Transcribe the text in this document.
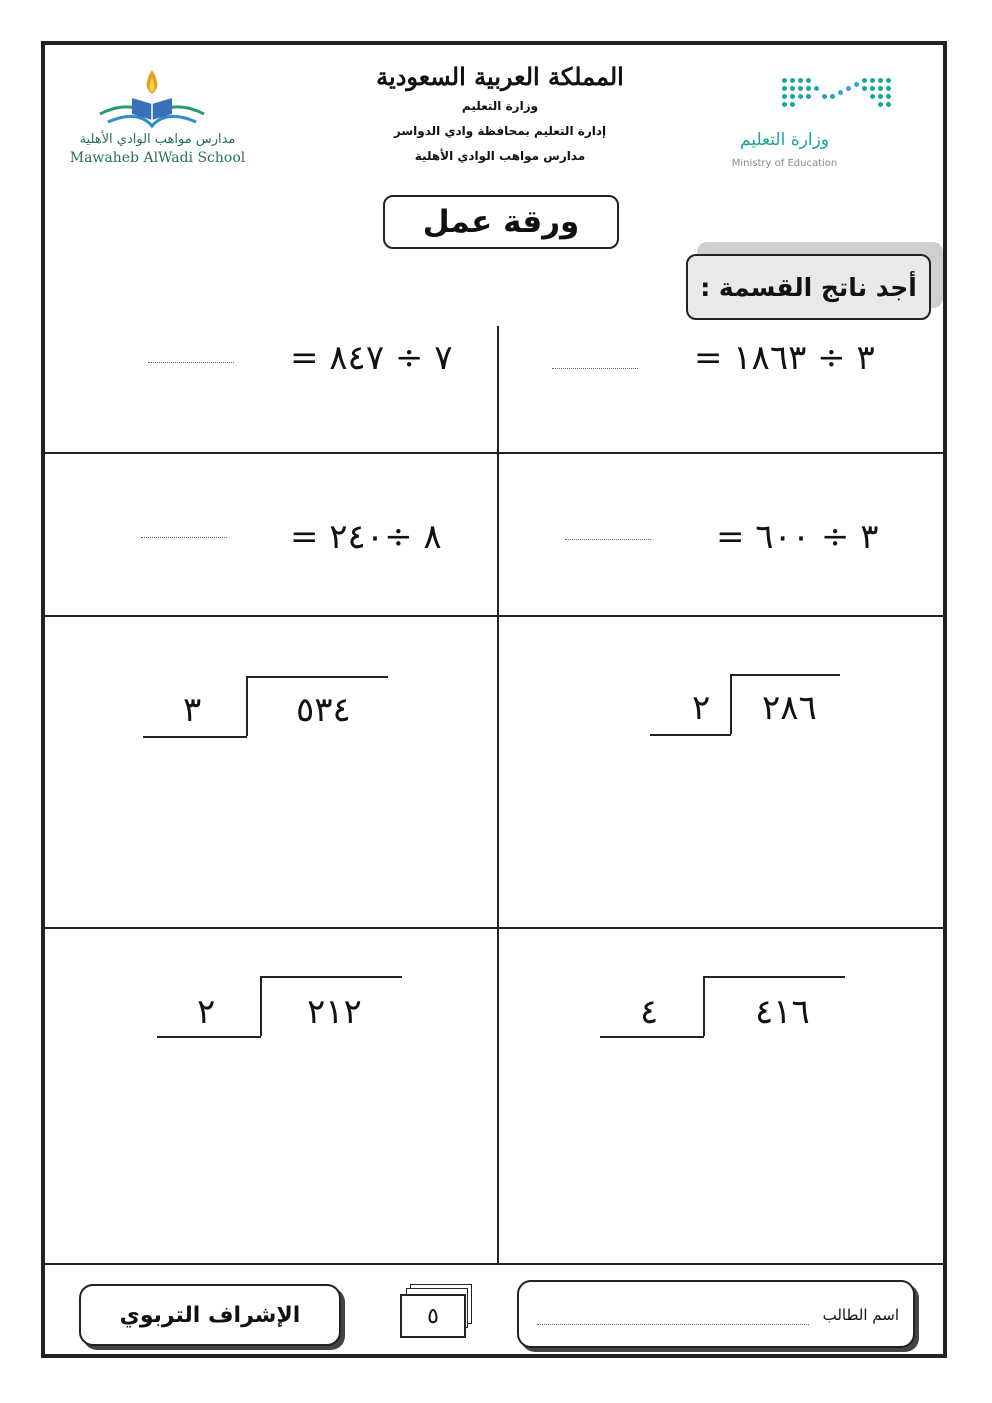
وزارة التعليم
Ministry of Education
المملكة العربية السعودية
وزارة التعليم
إدارة التعليم بمحافظة وادي الدواسر
مدارس مواهب الوادي الأهلية
مدارس مواهب الوادي الأهلية
Mawaheb AlWadi School
ورقة عمل
أجد ناتج القسمة :
= ٣ ÷ ١٨٦٣
= ٧ ÷ ٨٤٧
= ٣ ÷ ٦٠٠
= ٨ ÷٢٤٠
٢٨٦
٢
٥٣٤
٣
٤١٦
٤
٢١٢
٢
اسم الطالب
٥
الإشراف التربوي
